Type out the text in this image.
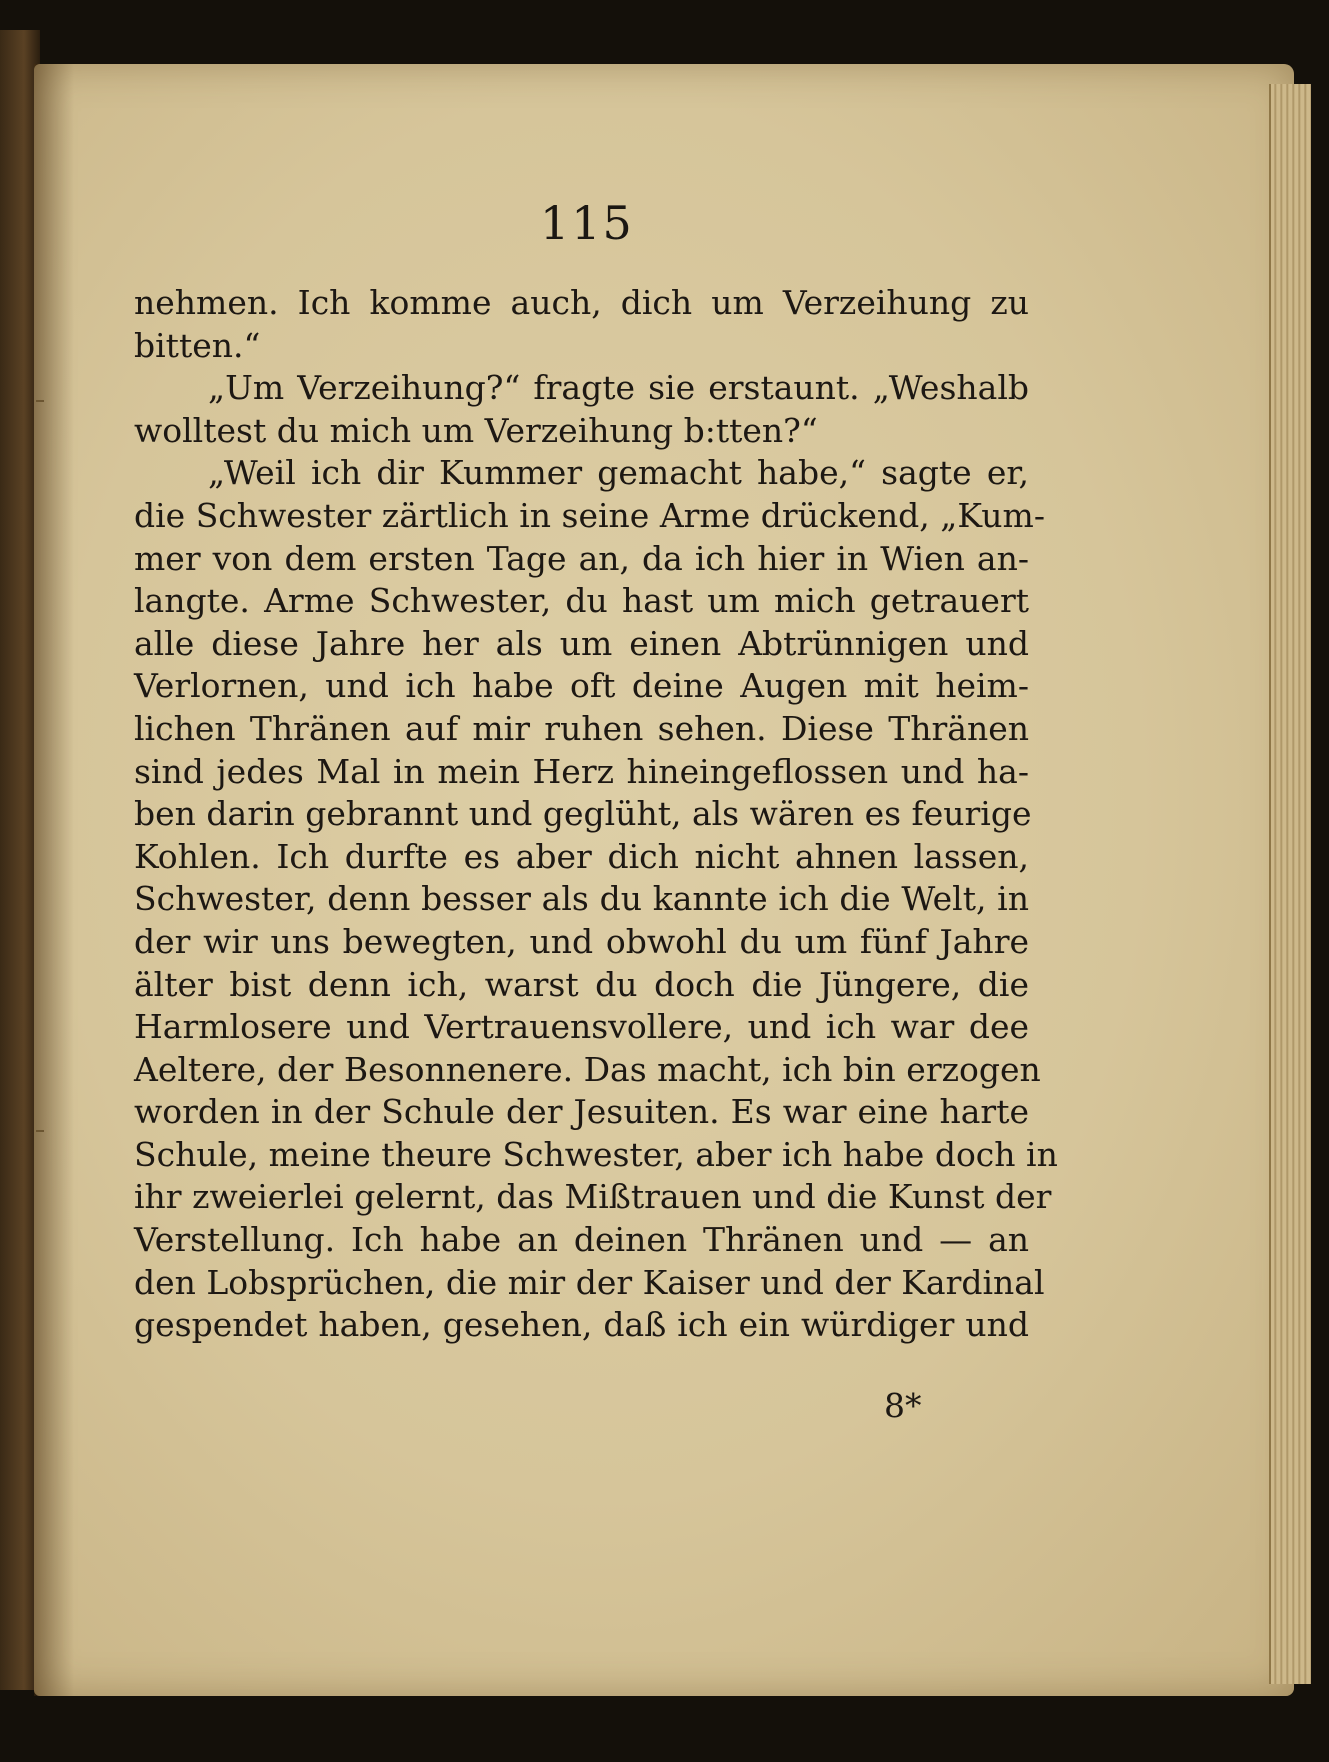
115
nehmen. Ich komme auch, dich um Verzeihung zu
bitten.“
„Um Verzeihung?“ fragte sie erstaunt. „Weshalb
wolltest du mich um Verzeihung b:tten?“
„Weil ich dir Kummer gemacht habe,“ sagte er,
die Schwester zärtlich in seine Arme drückend, „Kum-
mer von dem ersten Tage an, da ich hier in Wien an-
langte. Arme Schwester, du hast um mich getrauert
alle diese Jahre her als um einen Abtrünnigen und
Verlornen, und ich habe oft deine Augen mit heim-
lichen Thränen auf mir ruhen sehen. Diese Thränen
sind jedes Mal in mein Herz hineingeflossen und ha-
ben darin gebrannt und geglüht, als wären es feurige
Kohlen. Ich durfte es aber dich nicht ahnen lassen,
Schwester, denn besser als du kannte ich die Welt, in
der wir uns bewegten, und obwohl du um fünf Jahre
älter bist denn ich, warst du doch die Jüngere, die
Harmlosere und Vertrauensvollere, und ich war dee
Aeltere, der Besonnenere. Das macht, ich bin erzogen
worden in der Schule der Jesuiten. Es war eine harte
Schule, meine theure Schwester, aber ich habe doch in
ihr zweierlei gelernt, das Mißtrauen und die Kunst der
Verstellung. Ich habe an deinen Thränen und — an
den Lobsprüchen, die mir der Kaiser und der Kardinal
gespendet haben, gesehen, daß ich ein würdiger und
8*
